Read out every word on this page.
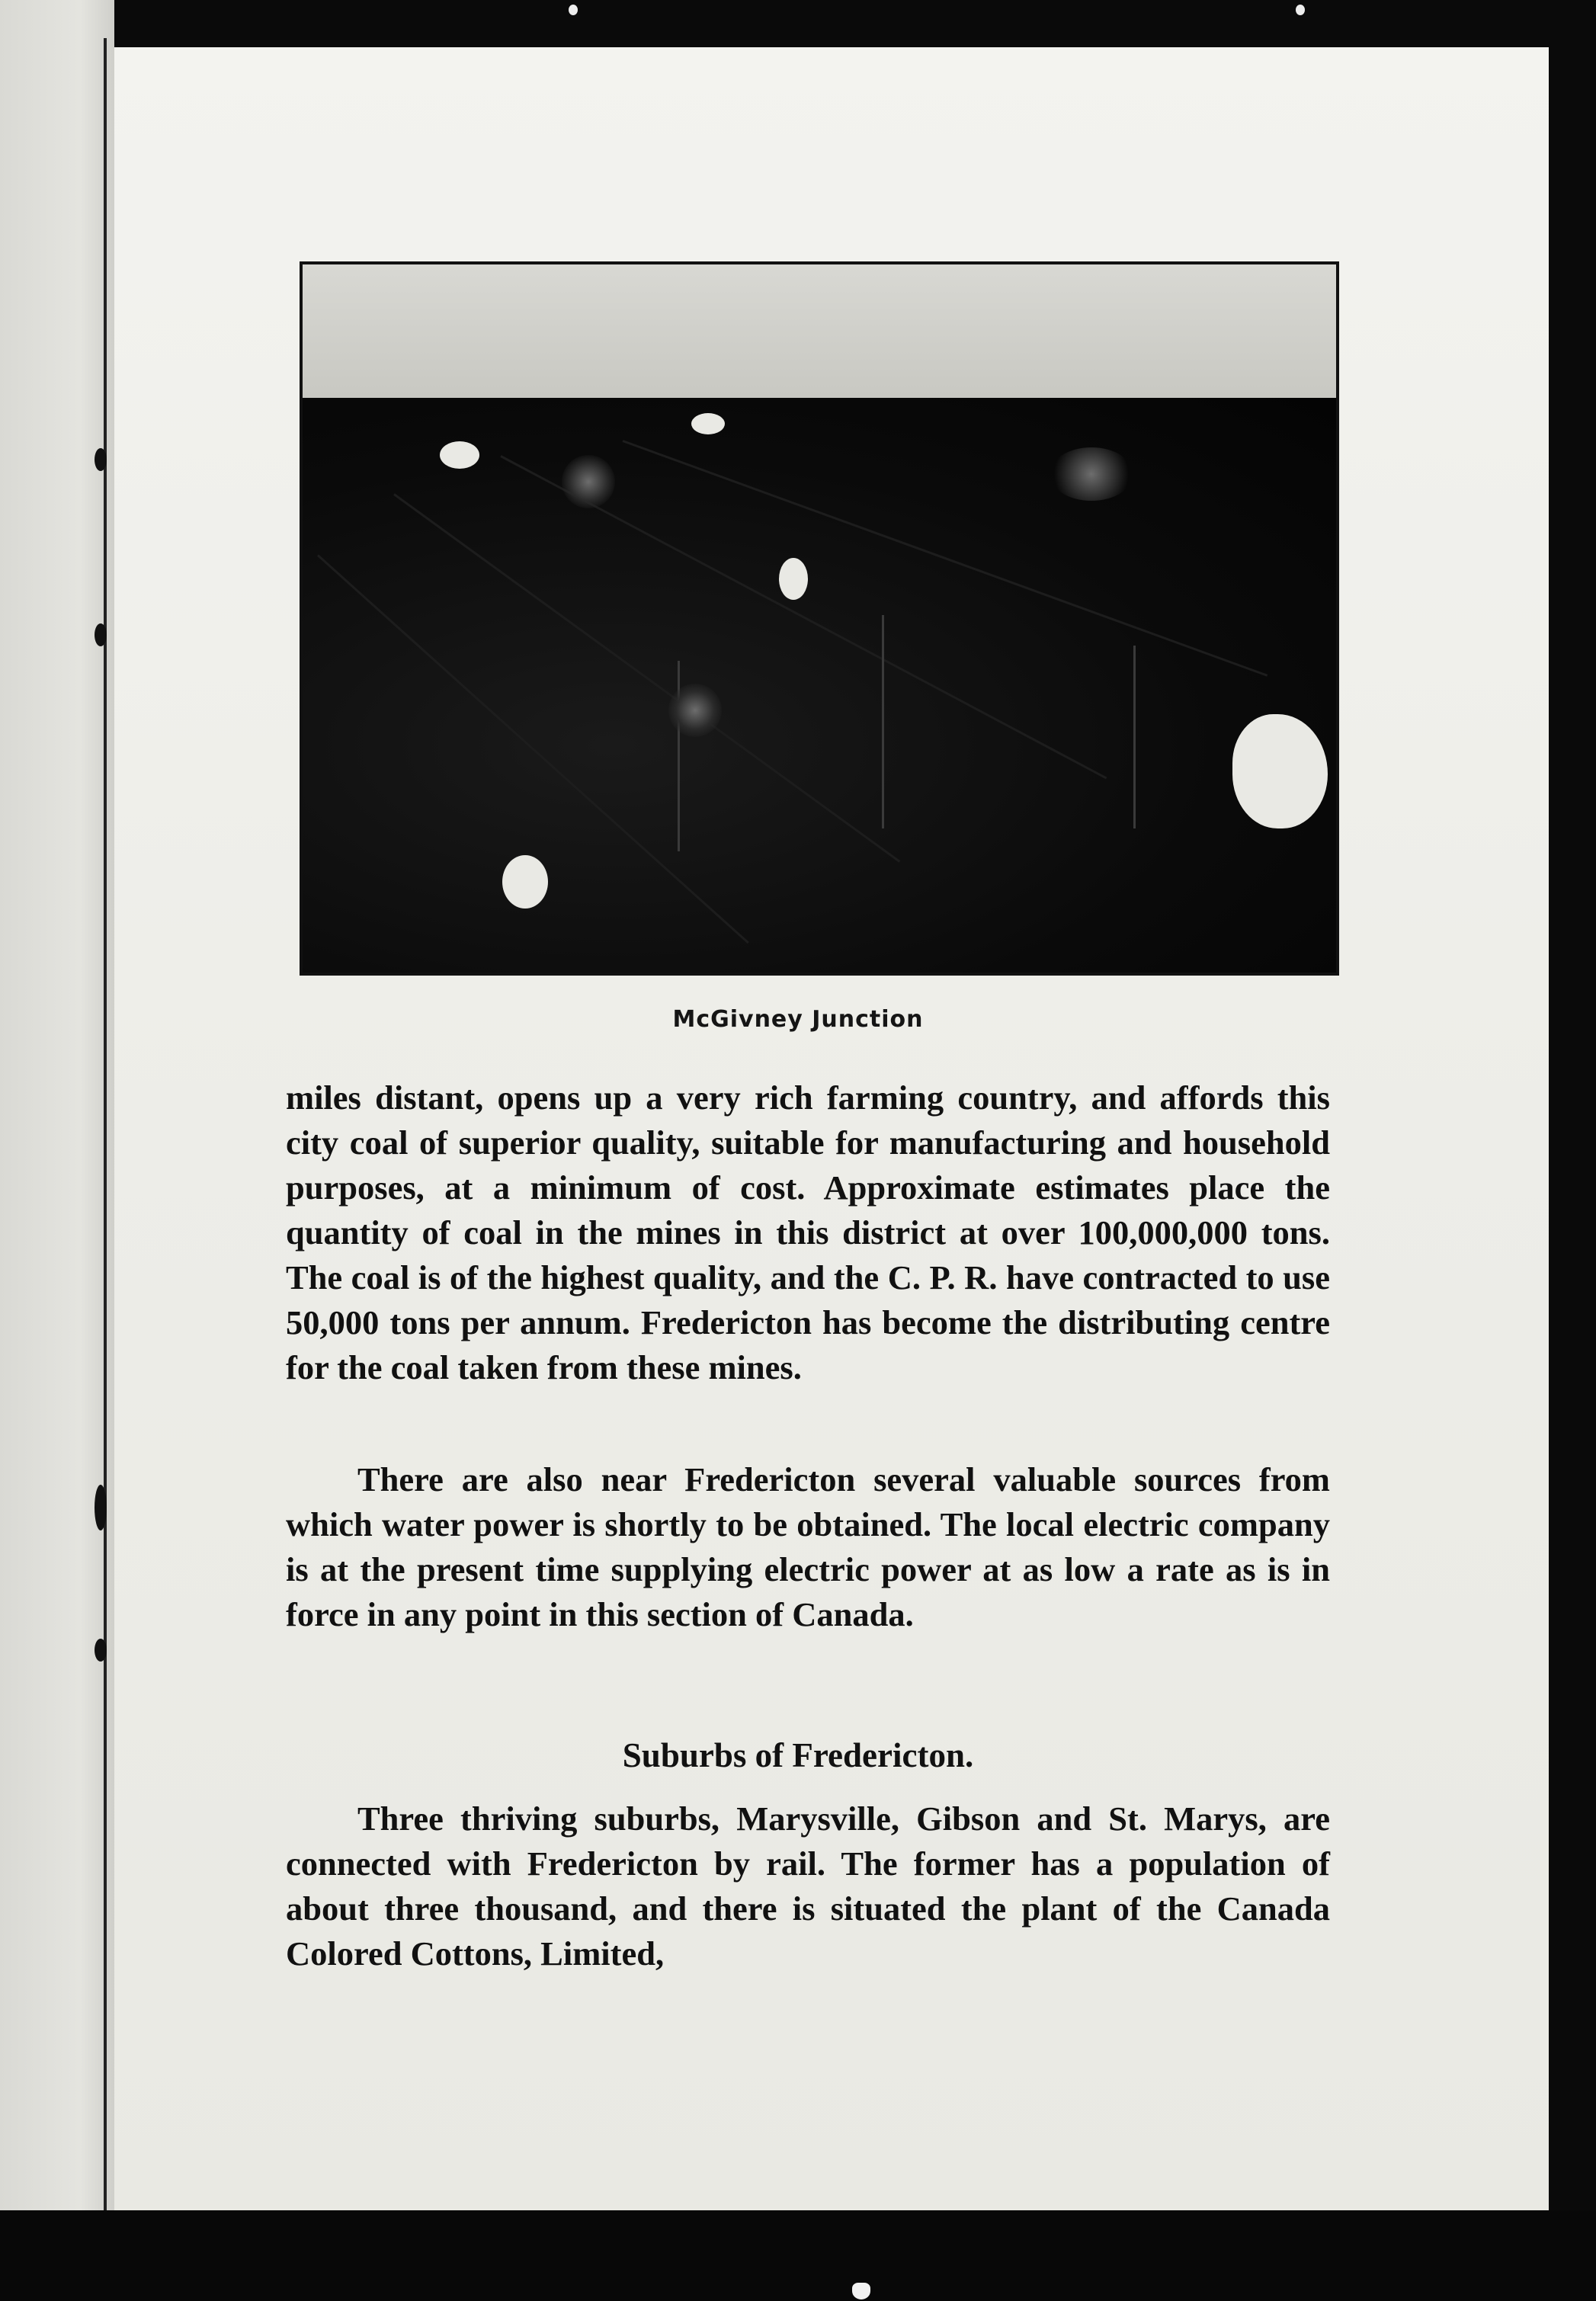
McGivney Junction

miles distant, opens up a very rich farming country, and affords this city coal of superior quality, suitable for manufacturing and household purposes, at a minimum of cost. Approximate estimates place the quantity of coal in the mines in this district at over 100,000,000 tons. The coal is of the highest quality, and the C. P. R. have contracted to use 50,000 tons per annum. Fredericton has become the distributing centre for the coal taken from these mines.

There are also near Fredericton several valuable sources from which water power is shortly to be obtained. The local electric company is at the present time supplying electric power at as low a rate as is in force in any point in this section of Canada.

Suburbs of Fredericton.

Three thriving suburbs, Marysville, Gibson and St. Marys, are connected with Fredericton by rail. The former has a population of about three thousand, and there is situated the plant of the Canada Colored Cottons, Limited,
